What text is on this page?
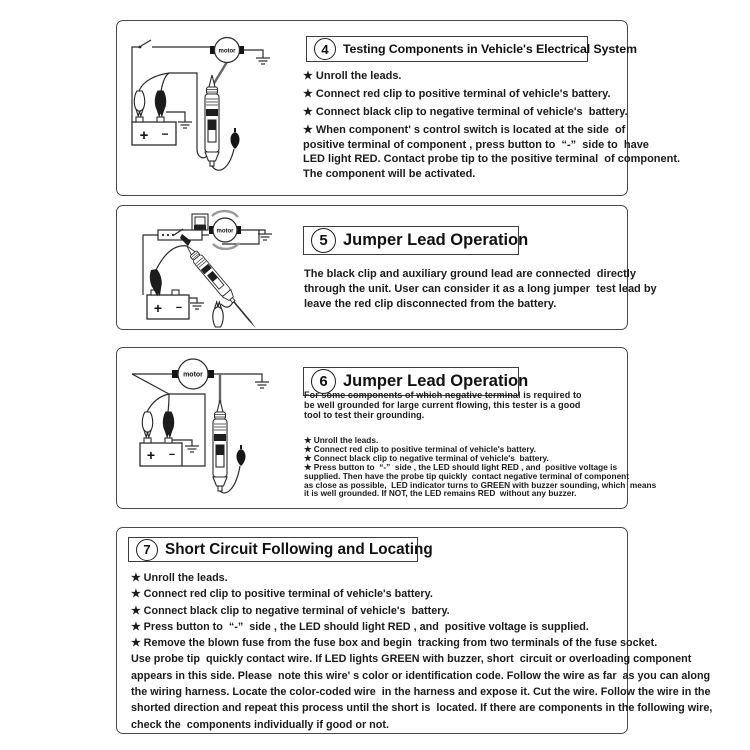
motor
+ −
4	Testing Components in Vehicle's Electrical System
★ Unroll the leads.
★ Connect red clip to positive terminal of vehicle's battery.
★ Connect black clip to negative terminal of vehicle's  battery.
★ When component' s control switch is located at the side  of
positive terminal of component , press button to  “-”  side to  have
LED light RED. Contact probe tip to the positive terminal  of component.
The component will be activated.
motor
+ −
5 Jumper Lead Operation
The black clip and auxiliary ground lead are connected  directly
through the unit. User can consider it as a long jumper  test lead by
leave the red clip disconnected from the battery.
motor
+ −
6 Jumper Lead Operation
For some components of which negative terminal is required to
be well grounded for large current flowing, this tester is a good
tool to test their grounding.
★ Unroll the leads.
★ Connect red clip to positive terminal of vehicle's battery.
★ Connect black clip to negative terminal of vehicle's  battery.
★ Press button to  “-”  side , the LED should light RED , and  positive voltage is
supplied. Then have the probe tip quickly  contact negative terminal of component
as close as possible,  LED indicator turns to GREEN with buzzer sounding, which  means
it is well grounded. If NOT, the LED remains RED  without any buzzer.
7 Short Circuit Following and Locating
★ Unroll the leads.
★ Connect red clip to positive terminal of vehicle's battery.
★ Connect black clip to negative terminal of vehicle's  battery.
★ Press button to  “-”  side , the LED should light RED , and  positive voltage is supplied.
★ Remove the blown fuse from the fuse box and begin  tracking from two terminals of the fuse socket.
Use probe tip  quickly contact wire. If LED lights GREEN with buzzer, short  circuit or overloading component
appears in this side. Please  note this wire' s color or identification code. Follow the wire as far  as you can along
the wiring harness. Locate the color-coded wire  in the harness and expose it. Cut the wire. Follow the wire in the
shorted direction and repeat this process until the short is  located. If there are components in the following wire,
check the  components individually if good or not.
